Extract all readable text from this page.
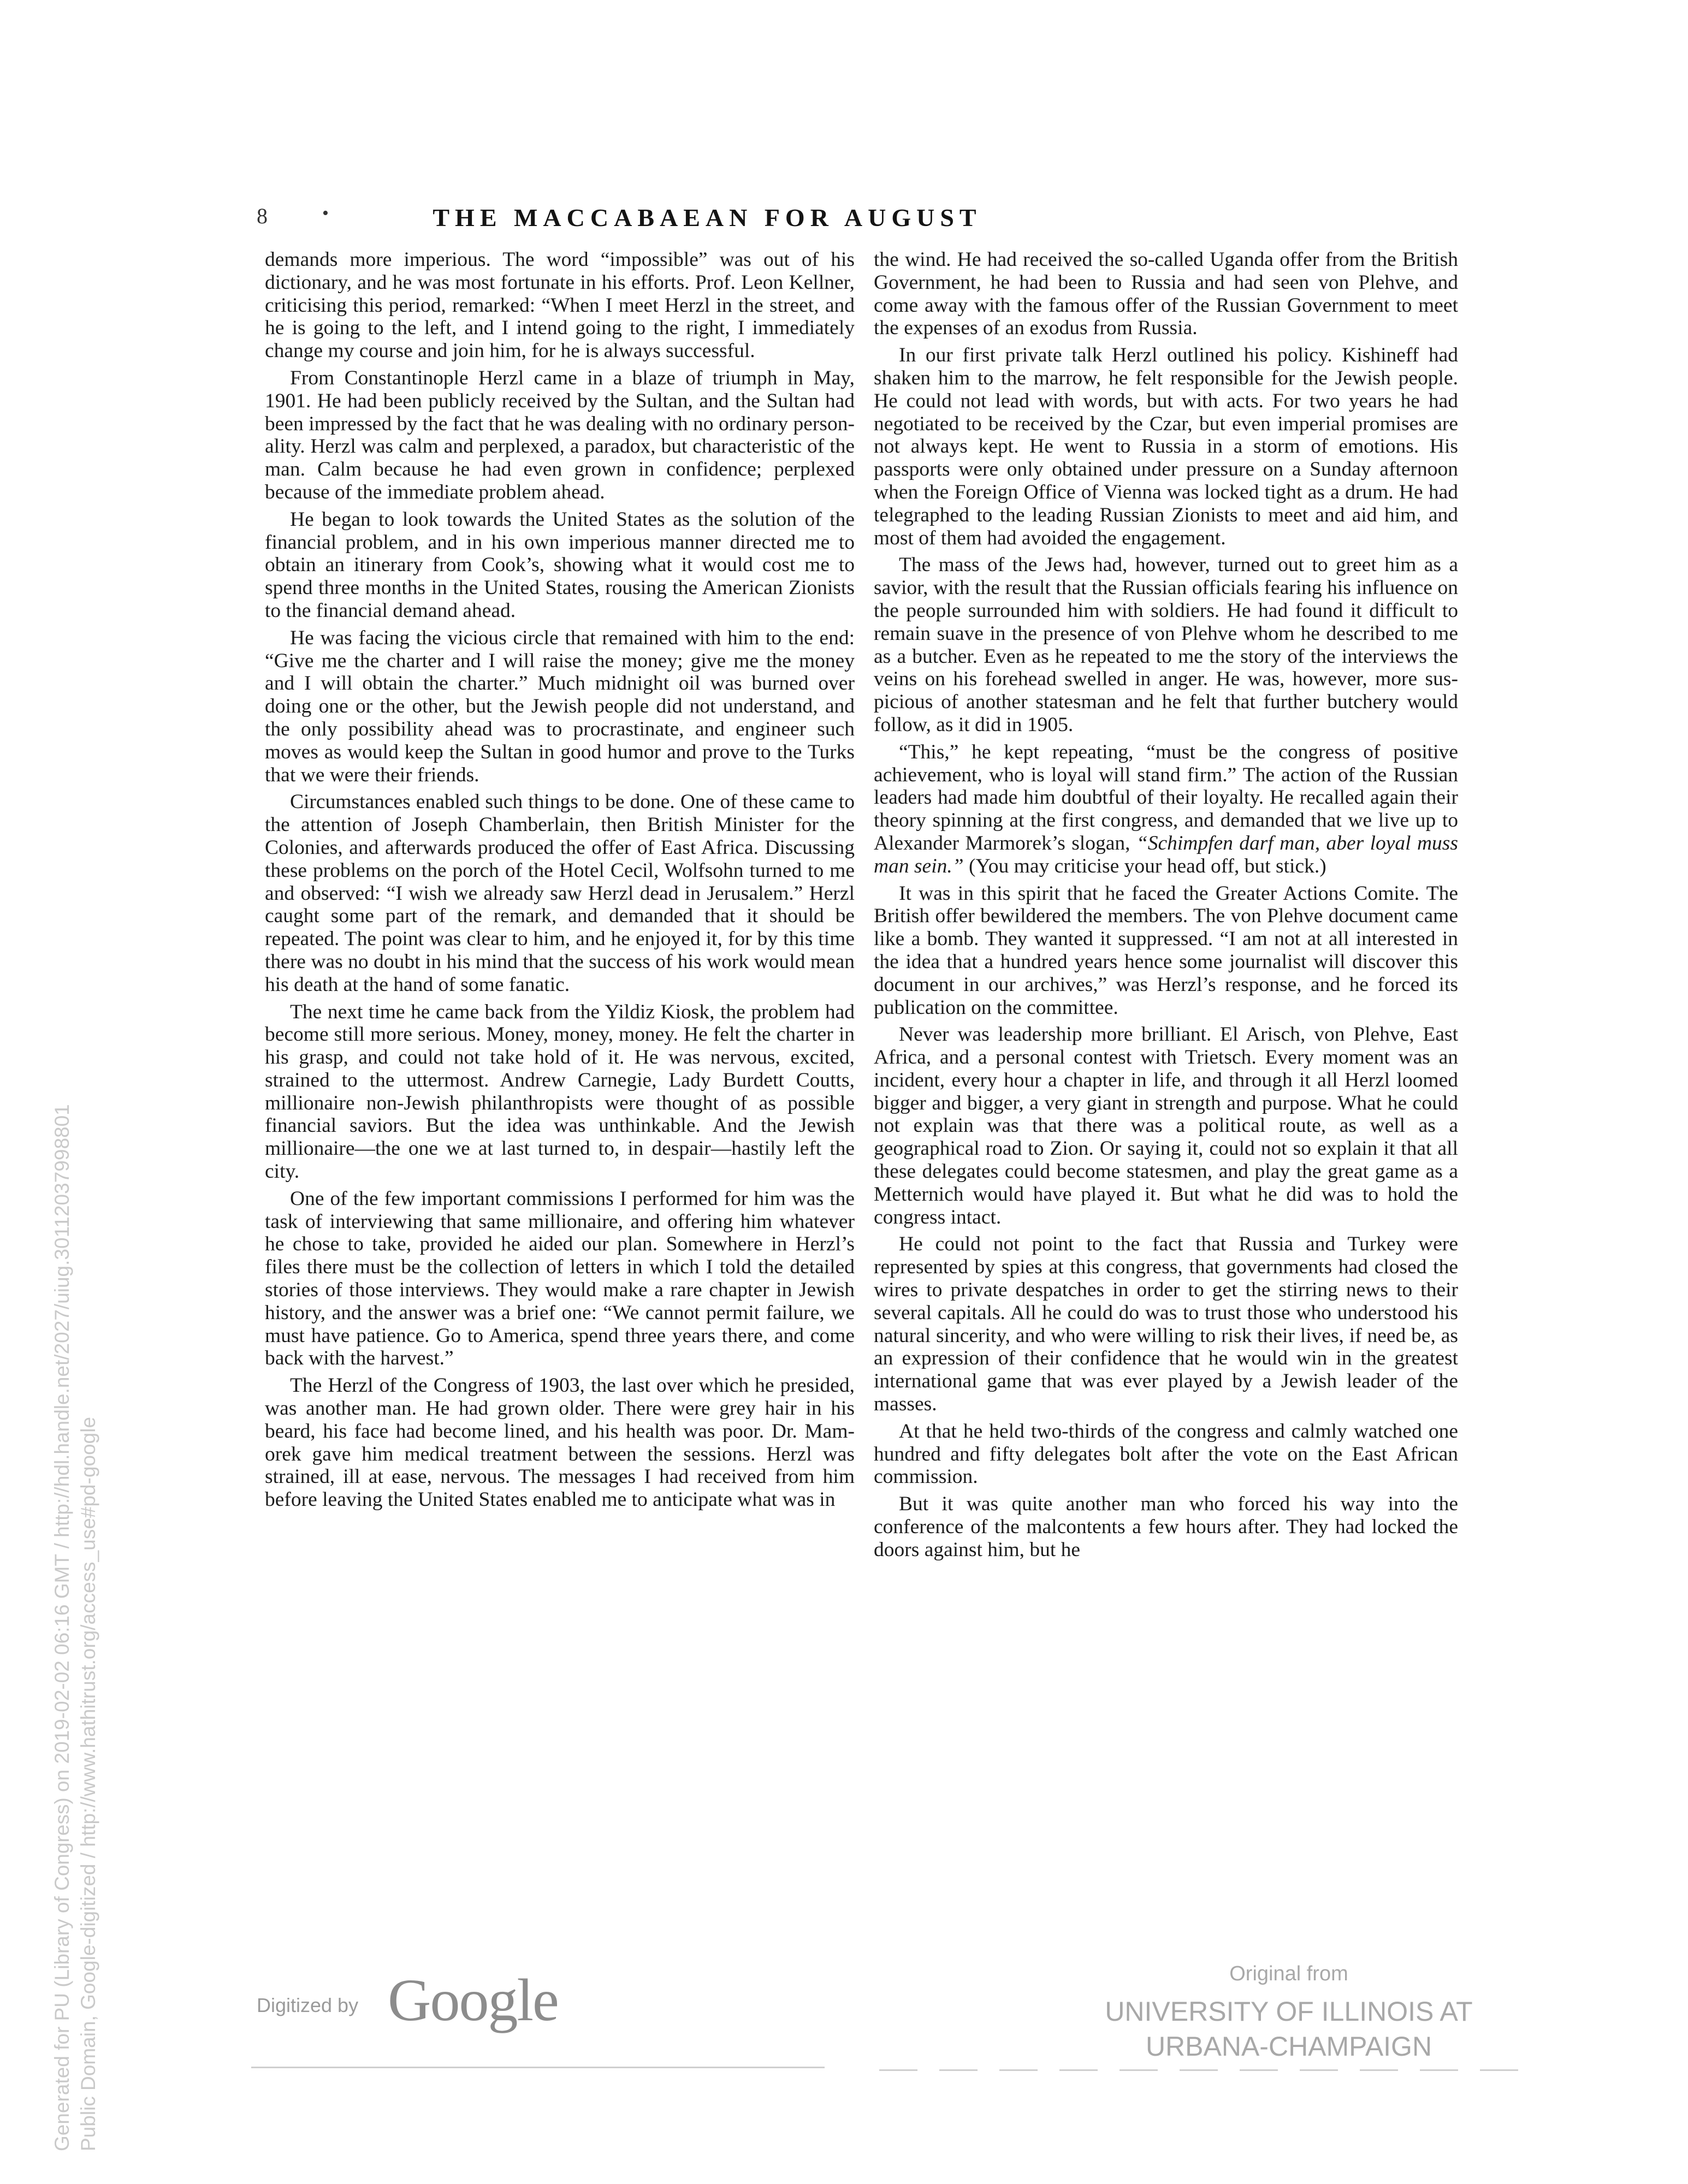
8	•	THE MACCABAEAN FOR AUGUST

demands more imperious. The word “impossible” was out of his dictionary, and he was most fortunate in his efforts. Prof. Leon Kellner, criticising this period, remarked: “When I meet Herzl in the street, and he is going to the left, and I intend going to the right, I immediately change my course and join him, for he is always successful.

From Constantinople Herzl came in a blaze of triumph in May, 1901. He had been publicly received by the Sultan, and the Sultan had been impressed by the fact that he was dealing with no ordinary personality. Herzl was calm and perplexed, a paradox, but characteristic of the man. Calm because he had even grown in confidence; perplexed because of the immediate problem ahead.

He began to look towards the United States as the solution of the financial problem, and in his own imperious manner directed me to obtain an itinerary from Cook’s, showing what it would cost me to spend three months in the United States, rousing the American Zionists to the financial demand ahead.

He was facing the vicious circle that remained with him to the end: “Give me the charter and I will raise the money; give me the money and I will obtain the charter.” Much midnight oil was burned over doing one or the other, but the Jewish people did not understand, and the only possibility ahead was to procrastinate, and engineer such moves as would keep the Sultan in good humor and prove to the Turks that we were their friends.

Circumstances enabled such things to be done. One of these came to the attention of Joseph Chamberlain, then British Minister for the Colonies, and afterwards produced the offer of East Africa. Discussing these problems on the porch of the Hotel Cecil, Wolfsohn turned to me and observed: “I wish we already saw Herzl dead in Jerusalem.” Herzl caught some part of the remark, and demanded that it should be repeated. The point was clear to him, and he enjoyed it, for by this time there was no doubt in his mind that the success of his work would mean his death at the hand of some fanatic.

The next time he came back from the Yildiz Kiosk, the problem had become still more serious. Money, money, money. He felt the charter in his grasp, and could not take hold of it. He was nervous, excited, strained to the uttermost. Andrew Carnegie, Lady Burdett Coutts, millionaire non-Jewish philanthropists were thought of as possible financial saviors. But the idea was unthinkable. And the Jewish millionaire—the one we at last turned to, in despair—hastily left the city.

One of the few important commissions I performed for him was the task of interviewing that same millionaire, and offering him whatever he chose to take, provided he aided our plan. Somewhere in Herzl’s files there must be the collection of letters in which I told the detailed stories of those interviews. They would make a rare chapter in Jewish history, and the answer was a brief one: “We cannot permit failure, we must have patience. Go to America, spend three years there, and come back with the harvest.”

The Herzl of the Congress of 1903, the last over which he presided, was another man. He had grown older. There were grey hair in his beard, his face had become lined, and his health was poor. Dr. Mamorek gave him medical treatment between the sessions. Herzl was strained, ill at ease, nervous. The messages I had received from him before leaving the United States enabled me to anticipate what was in

the wind. He had received the so-called Uganda offer from the British Government, he had been to Russia and had seen von Plehve, and come away with the famous offer of the Russian Government to meet the expenses of an exodus from Russia.

In our first private talk Herzl outlined his policy. Kishineff had shaken him to the marrow, he felt responsible for the Jewish people. He could not lead with words, but with acts. For two years he had negotiated to be received by the Czar, but even imperial promises are not always kept. He went to Russia in a storm of emotions. His passports were only obtained under pressure on a Sunday afternoon when the Foreign Office of Vienna was locked tight as a drum. He had telegraphed to the leading Russian Zionists to meet and aid him, and most of them had avoided the engagement.

The mass of the Jews had, however, turned out to greet him as a savior, with the result that the Russian officials fearing his influence on the people surrounded him with soldiers. He had found it difficult to remain suave in the presence of von Plehve whom he described to me as a butcher. Even as he repeated to me the story of the interviews the veins on his forehead swelled in anger. He was, however, more suspicious of another statesman and he felt that further butchery would follow, as it did in 1905.

“This,” he kept repeating, “must be the congress of positive achievement, who is loyal will stand firm.” The action of the Russian leaders had made him doubtful of their loyalty. He recalled again their theory spinning at the first congress, and demanded that we live up to Alexander Marmorek’s slogan, “Schimpfen darf man, aber loyal muss man sein.” (You may criticise your head off, but stick.)

It was in this spirit that he faced the Greater Actions Comite. The British offer bewildered the members. The von Plehve document came like a bomb. They wanted it suppressed. “I am not at all interested in the idea that a hundred years hence some journalist will discover this document in our archives,” was Herzl’s response, and he forced its publication on the committee.

Never was leadership more brilliant. El Arisch, von Plehve, East Africa, and a personal contest with Trietsch. Every moment was an incident, every hour a chapter in life, and through it all Herzl loomed bigger and bigger, a very giant in strength and purpose. What he could not explain was that there was a political route, as well as a geographical road to Zion. Or saying it, could not so explain it that all these delegates could become statesmen, and play the great game as a Metternich would have played it. But what he did was to hold the congress intact.

He could not point to the fact that Russia and Turkey were represented by spies at this congress, that governments had closed the wires to private despatches in order to get the stirring news to their several capitals. All he could do was to trust those who understood his natural sincerity, and who were willing to risk their lives, if need be, as an expression of their confidence that he would win in the greatest international game that was ever played by a Jewish leader of the masses.

At that he held two-thirds of the congress and calmly watched one hundred and fifty delegates bolt after the vote on the East African commission.

But it was quite another man who forced his way into the conference of the malcontents a few hours after. They had locked the doors against him, but he

Generated for PU (Library of Congress) on 2019-02-02 06:16 GMT / http://hdl.handle.net/2027/uiug.30112037998801 Public Domain, Google-digitized / http://www.hathitrust.org/access_use#pd-google	Digitized by Google	Original from
UNIVERSITY OF ILLINOIS AT
URBANA-CHAMPAIGN
